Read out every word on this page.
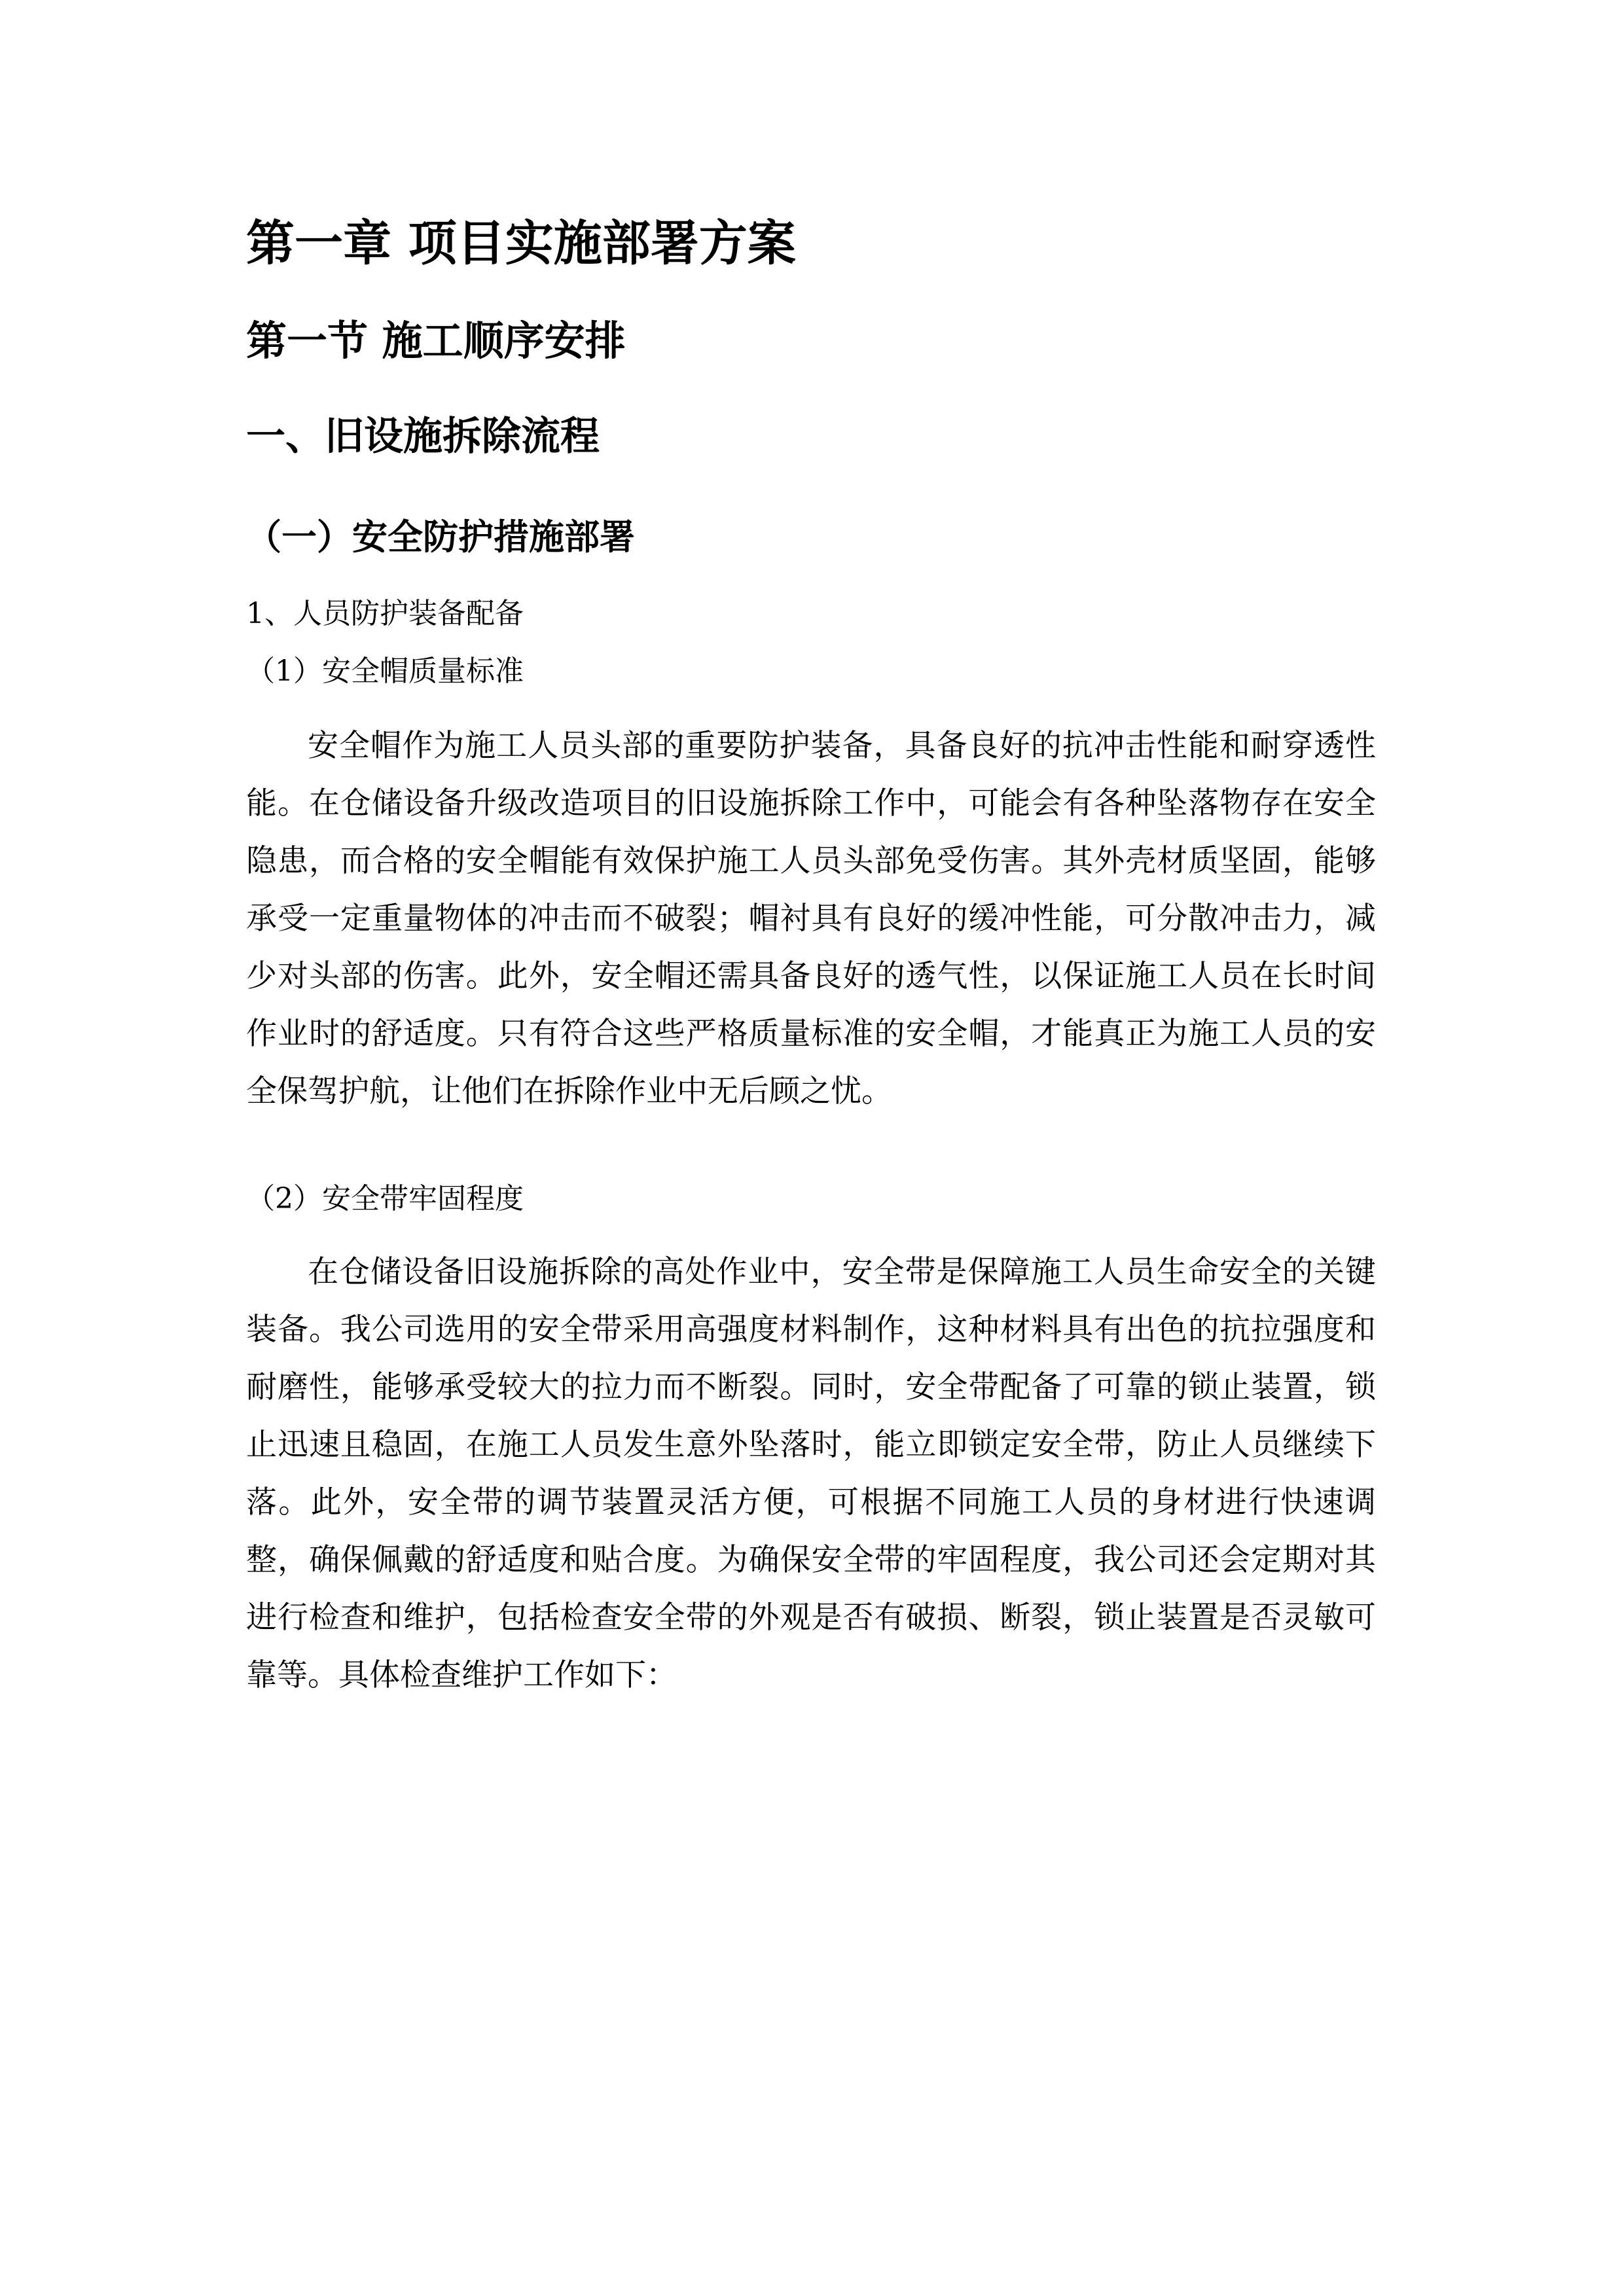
第一章 项目实施部署方案
第一节 施工顺序安排
一、旧设施拆除流程
（一）安全防护措施部署
1、人员防护装备配备
（1）安全帽质量标准

安全帽作为施工人员头部的重要防护装备，具备良好的抗冲击性能和耐穿透性能。在仓储设备升级改造项目的旧设施拆除工作中，可能会有各种坠落物存在安全隐患，而合格的安全帽能有效保护施工人员头部免受伤害。其外壳材质坚固，能够承受一定重量物体的冲击而不破裂；帽衬具有良好的缓冲性能，可分散冲击力，减少对头部的伤害。此外，安全帽还需具备良好的透气性，以保证施工人员在长时间作业时的舒适度。只有符合这些严格质量标准的安全帽，才能真正为施工人员的安全保驾护航，让他们在拆除作业中无后顾之忧。

（2）安全带牢固程度

在仓储设备旧设施拆除的高处作业中，安全带是保障施工人员生命安全的关键装备。我公司选用的安全带采用高强度材料制作，这种材料具有出色的抗拉强度和耐磨性，能够承受较大的拉力而不断裂。同时，安全带配备了可靠的锁止装置，锁止迅速且稳固，在施工人员发生意外坠落时，能立即锁定安全带，防止人员继续下落。此外，安全带的调节装置灵活方便，可根据不同施工人员的身材进行快速调整，确保佩戴的舒适度和贴合度。为确保安全带的牢固程度，我公司还会定期对其进行检查和维护，包括检查安全带的外观是否有破损、断裂，锁止装置是否灵敏可靠等。具体检查维护工作如下：
